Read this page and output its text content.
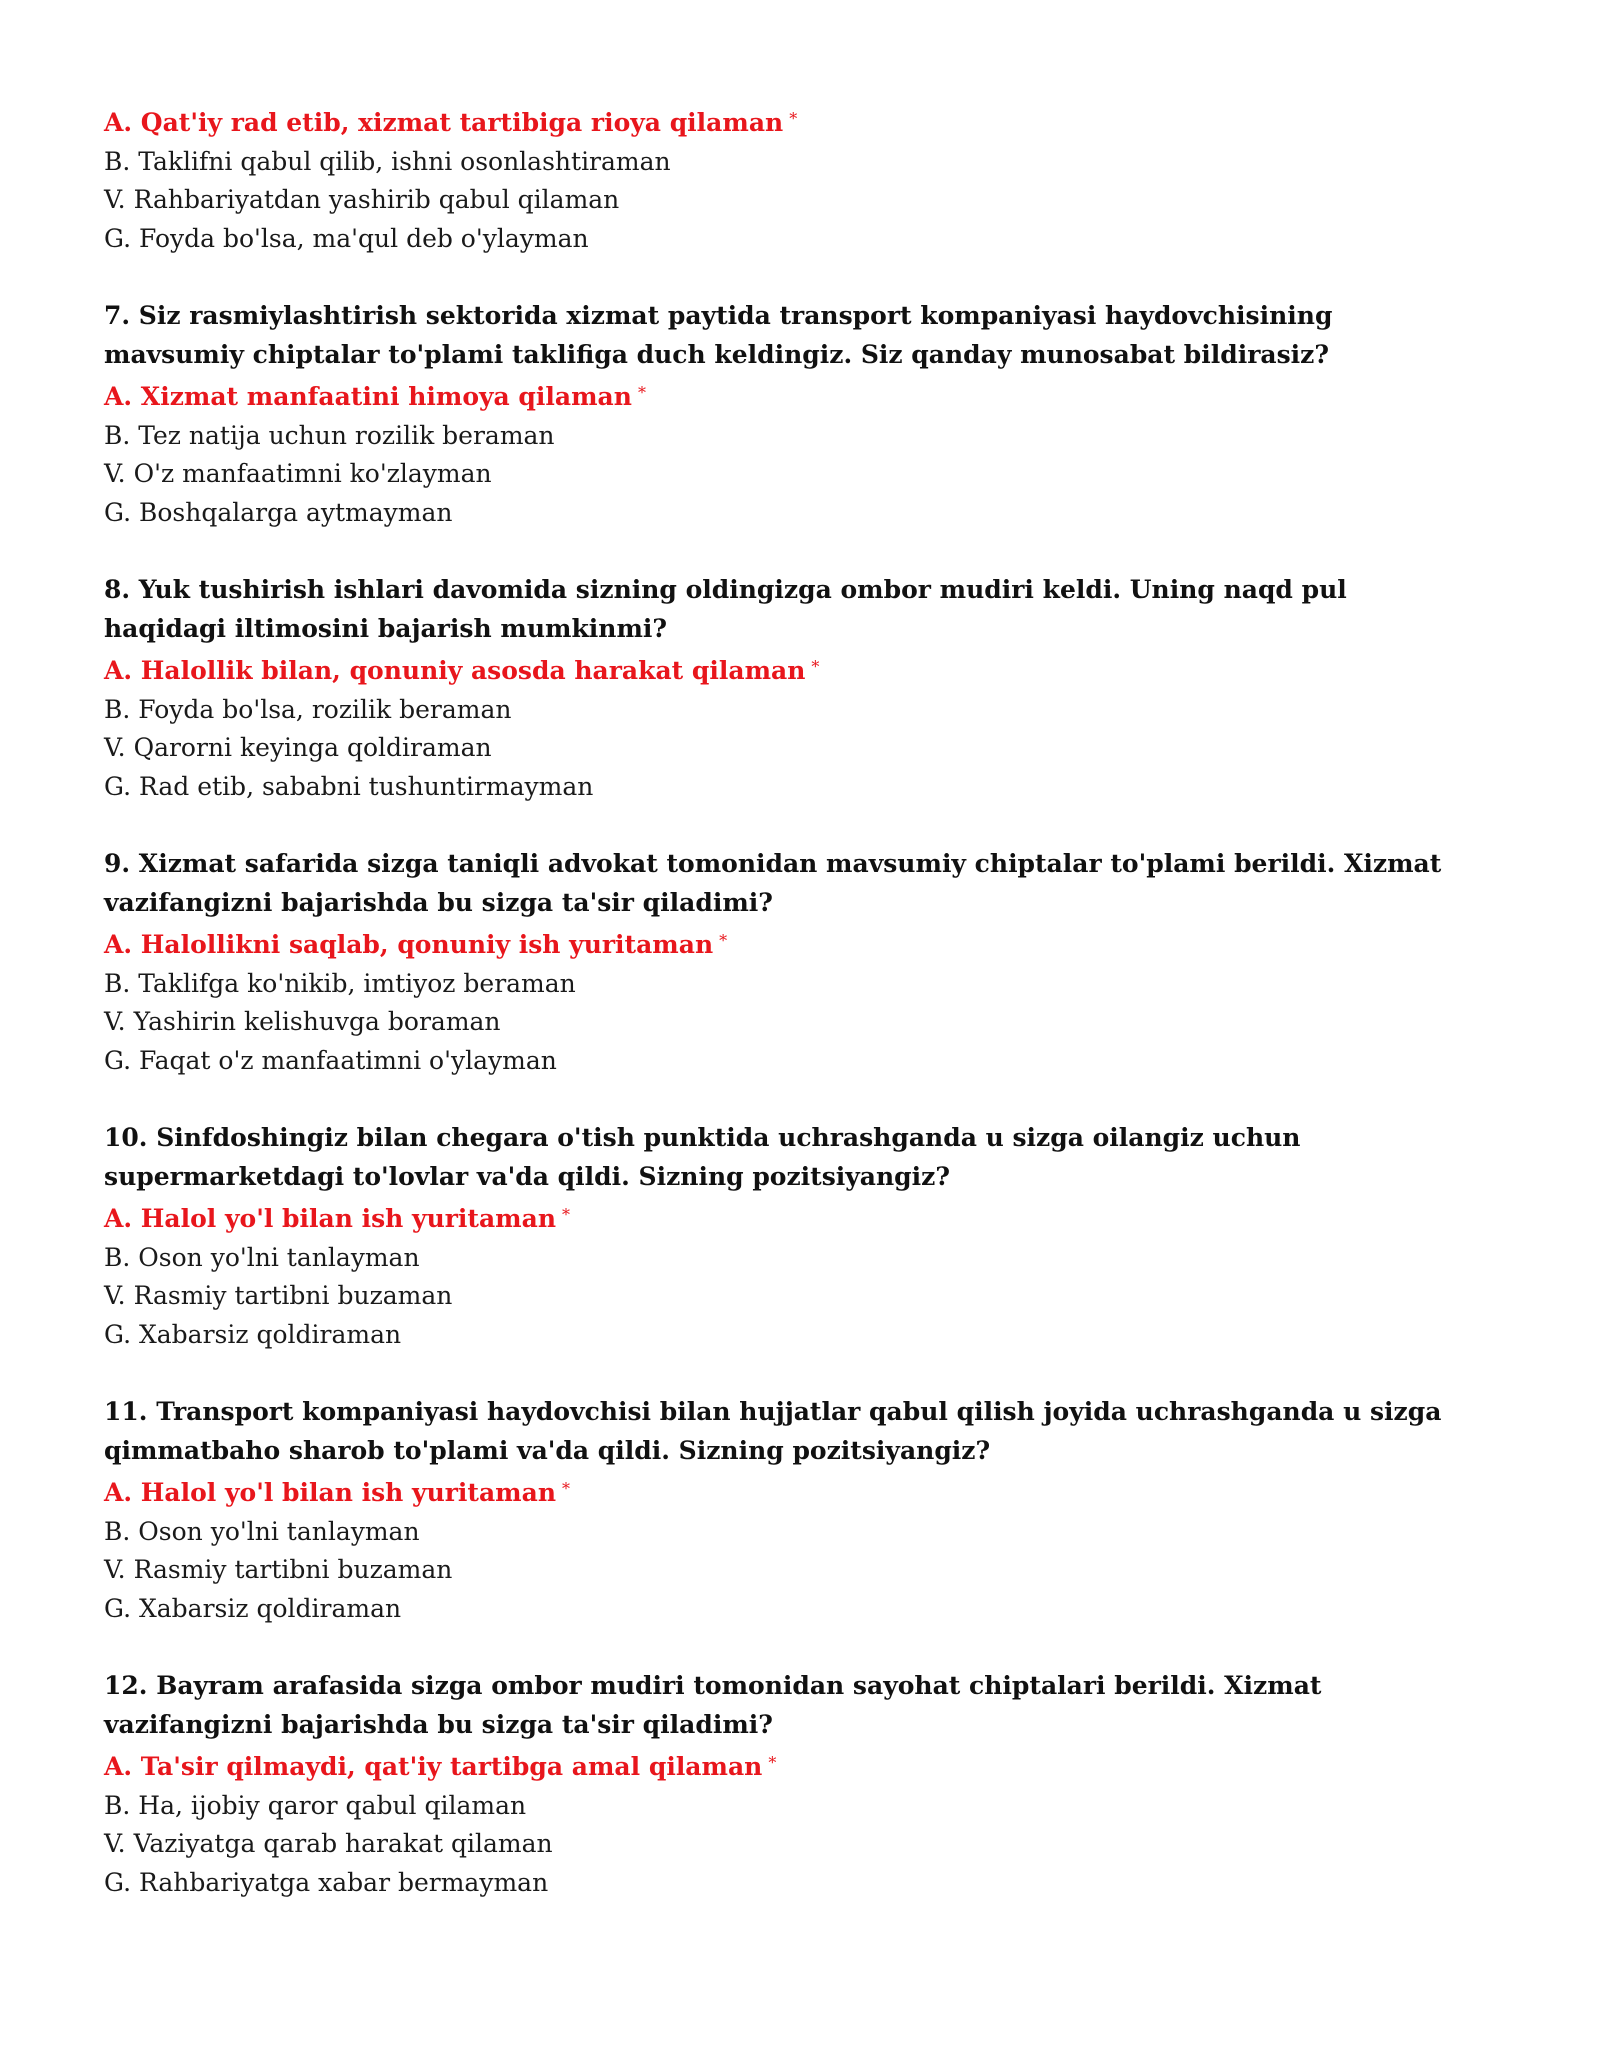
A. Qat'iy rad etib, xizmat tartibiga rioya qilaman *

B. Taklifni qabul qilib, ishni osonlashtiraman

V. Rahbariyatdan yashirib qabul qilaman

G. Foyda bo'lsa, ma'qul deb o'ylayman

7. Siz rasmiylashtirish sektorida xizmat paytida transport kompaniyasi haydovchisining mavsumiy chiptalar to'plami taklifiga duch keldingiz. Siz qanday munosabat bildirasiz?

A. Xizmat manfaatini himoya qilaman *

B. Tez natija uchun rozilik beraman

V. O'z manfaatimni ko'zlayman

G. Boshqalarga aytmayman

8. Yuk tushirish ishlari davomida sizning oldingizga ombor mudiri keldi. Uning naqd pul haqidagi iltimosini bajarish mumkinmi?

A. Halollik bilan, qonuniy asosda harakat qilaman *

B. Foyda bo'lsa, rozilik beraman

V. Qarorni keyinga qoldiraman

G. Rad etib, sababni tushuntirmayman

9. Xizmat safarida sizga taniqli advokat tomonidan mavsumiy chiptalar to'plami berildi. Xizmat vazifangizni bajarishda bu sizga ta'sir qiladimi?

A. Halollikni saqlab, qonuniy ish yuritaman *

B. Taklifga ko'nikib, imtiyoz beraman

V. Yashirin kelishuvga boraman

G. Faqat o'z manfaatimni o'ylayman

10. Sinfdoshingiz bilan chegara o'tish punktida uchrashganda u sizga oilangiz uchun supermarketdagi to'lovlar va'da qildi. Sizning pozitsiyangiz?

A. Halol yo'l bilan ish yuritaman *

B. Oson yo'lni tanlayman

V. Rasmiy tartibni buzaman

G. Xabarsiz qoldiraman

11. Transport kompaniyasi haydovchisi bilan hujjatlar qabul qilish joyida uchrashganda u sizga qimmatbaho sharob to'plami va'da qildi. Sizning pozitsiyangiz?

A. Halol yo'l bilan ish yuritaman *

B. Oson yo'lni tanlayman

V. Rasmiy tartibni buzaman

G. Xabarsiz qoldiraman

12. Bayram arafasida sizga ombor mudiri tomonidan sayohat chiptalari berildi. Xizmat vazifangizni bajarishda bu sizga ta'sir qiladimi?

A. Ta'sir qilmaydi, qat'iy tartibga amal qilaman *

B. Ha, ijobiy qaror qabul qilaman

V. Vaziyatga qarab harakat qilaman

G. Rahbariyatga xabar bermayman
